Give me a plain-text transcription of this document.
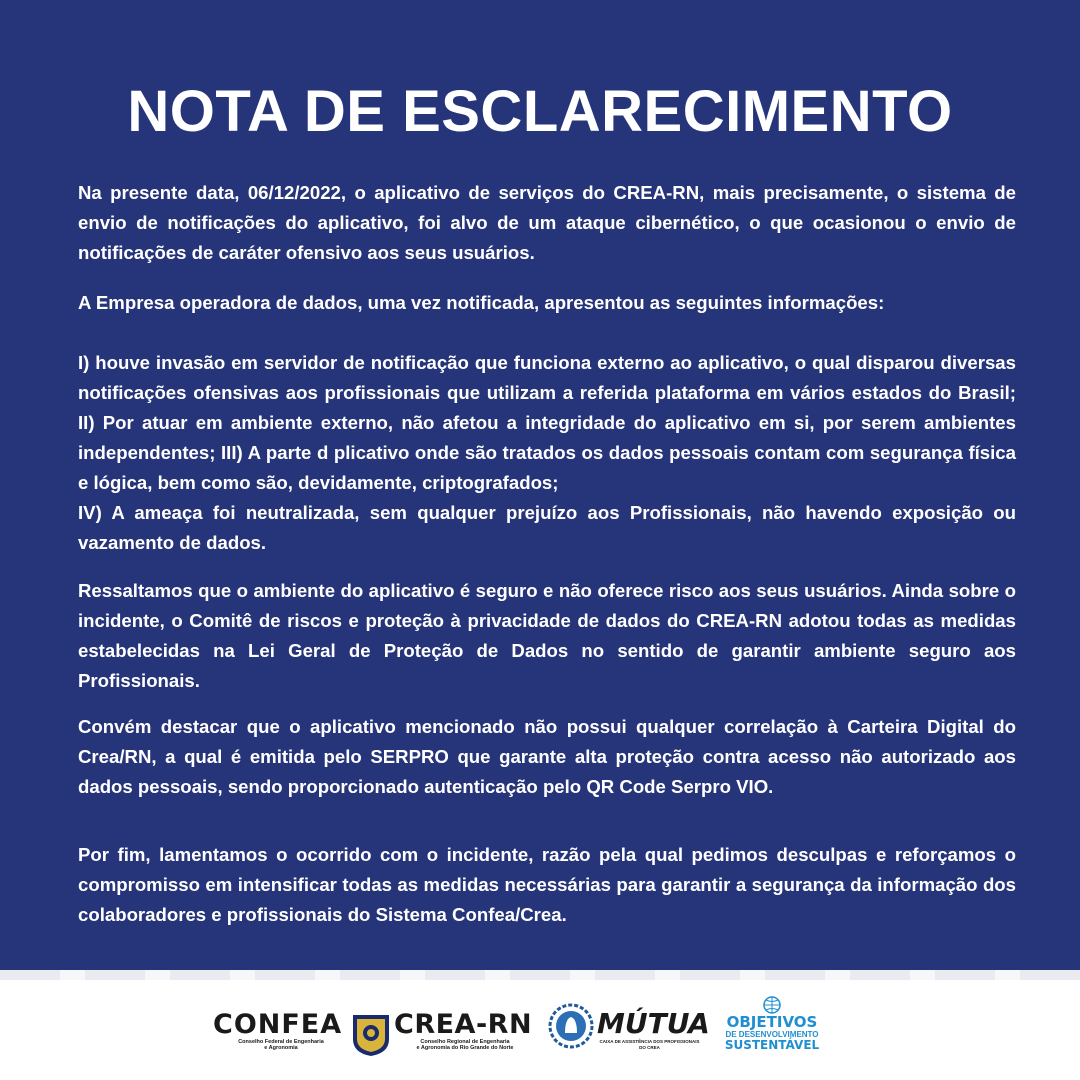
NOTA DE ESCLARECIMENTO

Na presente data, 06/12/2022, o aplicativo de serviços do CREA-RN, mais precisamente, o sistema de envio de notificações do aplicativo, foi alvo de um ataque cibernético, o que ocasionou o envio de notificações de caráter ofensivo aos seus usuários.

A Empresa operadora de dados, uma vez notificada, apresentou as seguintes informações:

I) houve invasão em servidor de notificação que funciona externo ao aplicativo, o qual disparou diversas notificações ofensivas aos profissionais que utilizam a referida plataforma em vários estados do Brasil; II) Por atuar em ambiente externo, não afetou a integridade do aplicativo em si, por serem ambientes independentes; III) A parte d plicativo onde são tratados os dados pessoais contam com segurança física e lógica, bem como são, devidamente, criptografados;

IV) A ameaça foi neutralizada, sem qualquer prejuízo aos Profissionais, não havendo exposição ou vazamento de dados.

Ressaltamos que o ambiente do aplicativo é seguro e não oferece risco aos seus usuários. Ainda sobre o incidente, o Comitê de riscos e proteção à privacidade de dados do CREA-RN adotou todas as medidas estabelecidas na Lei Geral de Proteção de Dados no sentido de garantir ambiente seguro aos Profissionais.

Convém destacar que o aplicativo mencionado não possui qualquer correlação à Carteira Digital do Crea/RN, a qual é emitida pelo SERPRO que garante alta proteção contra acesso não autorizado aos dados pessoais, sendo proporcionado autenticação pelo QR Code Serpro VIO.

Por fim, lamentamos o ocorrido com o incidente, razão pela qual pedimos desculpas e reforçamos o compromisso em intensificar todas as medidas necessárias para garantir a segurança da informação dos colaboradores e profissionais do Sistema Confea/Crea.

CONFEA
Conselho Federal de Engenharia
e Agronomia
CREA-RN
Conselho Regional de Engenharia
e Agronomia do Rio Grande do Norte
MÚTUA
CAIXA DE ASSISTÊNCIA DOS PROFISSIONAIS DO CREA
OBJETIVOS
DE DESENVOLVIMENTO
SUSTENTÁVEL
